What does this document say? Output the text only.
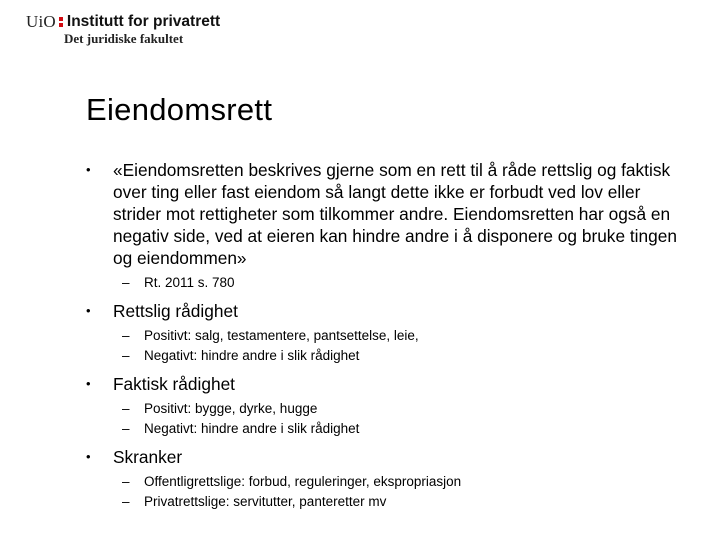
UiO Institutt for privatrett
Det juridiske fakultet
Eiendomsrett

•	«Eiendomsretten beskrives gjerne som en rett til å råde rettslig og faktisk over ting eller fast eiendom så langt dette ikke er forbudt ved lov eller strider mot rettigheter som tilkommer andre. Eiendomsretten har også en negativ side, ved at eieren kan hindre andre i å disponere og bruke tingen og eiendommen»

– Rt. 2011 s. 780

•	Rettslig rådighet

– Positivt: salg, testamentere, pantsettelse, leie,

– Negativt: hindre andre i slik rådighet

•	Faktisk rådighet

– Positivt: bygge, dyrke, hugge

– Negativt: hindre andre i slik rådighet

•	Skranker

– Offentligrettslige: forbud, reguleringer, ekspropriasjon

– Privatrettslige: servitutter, panteretter mv
